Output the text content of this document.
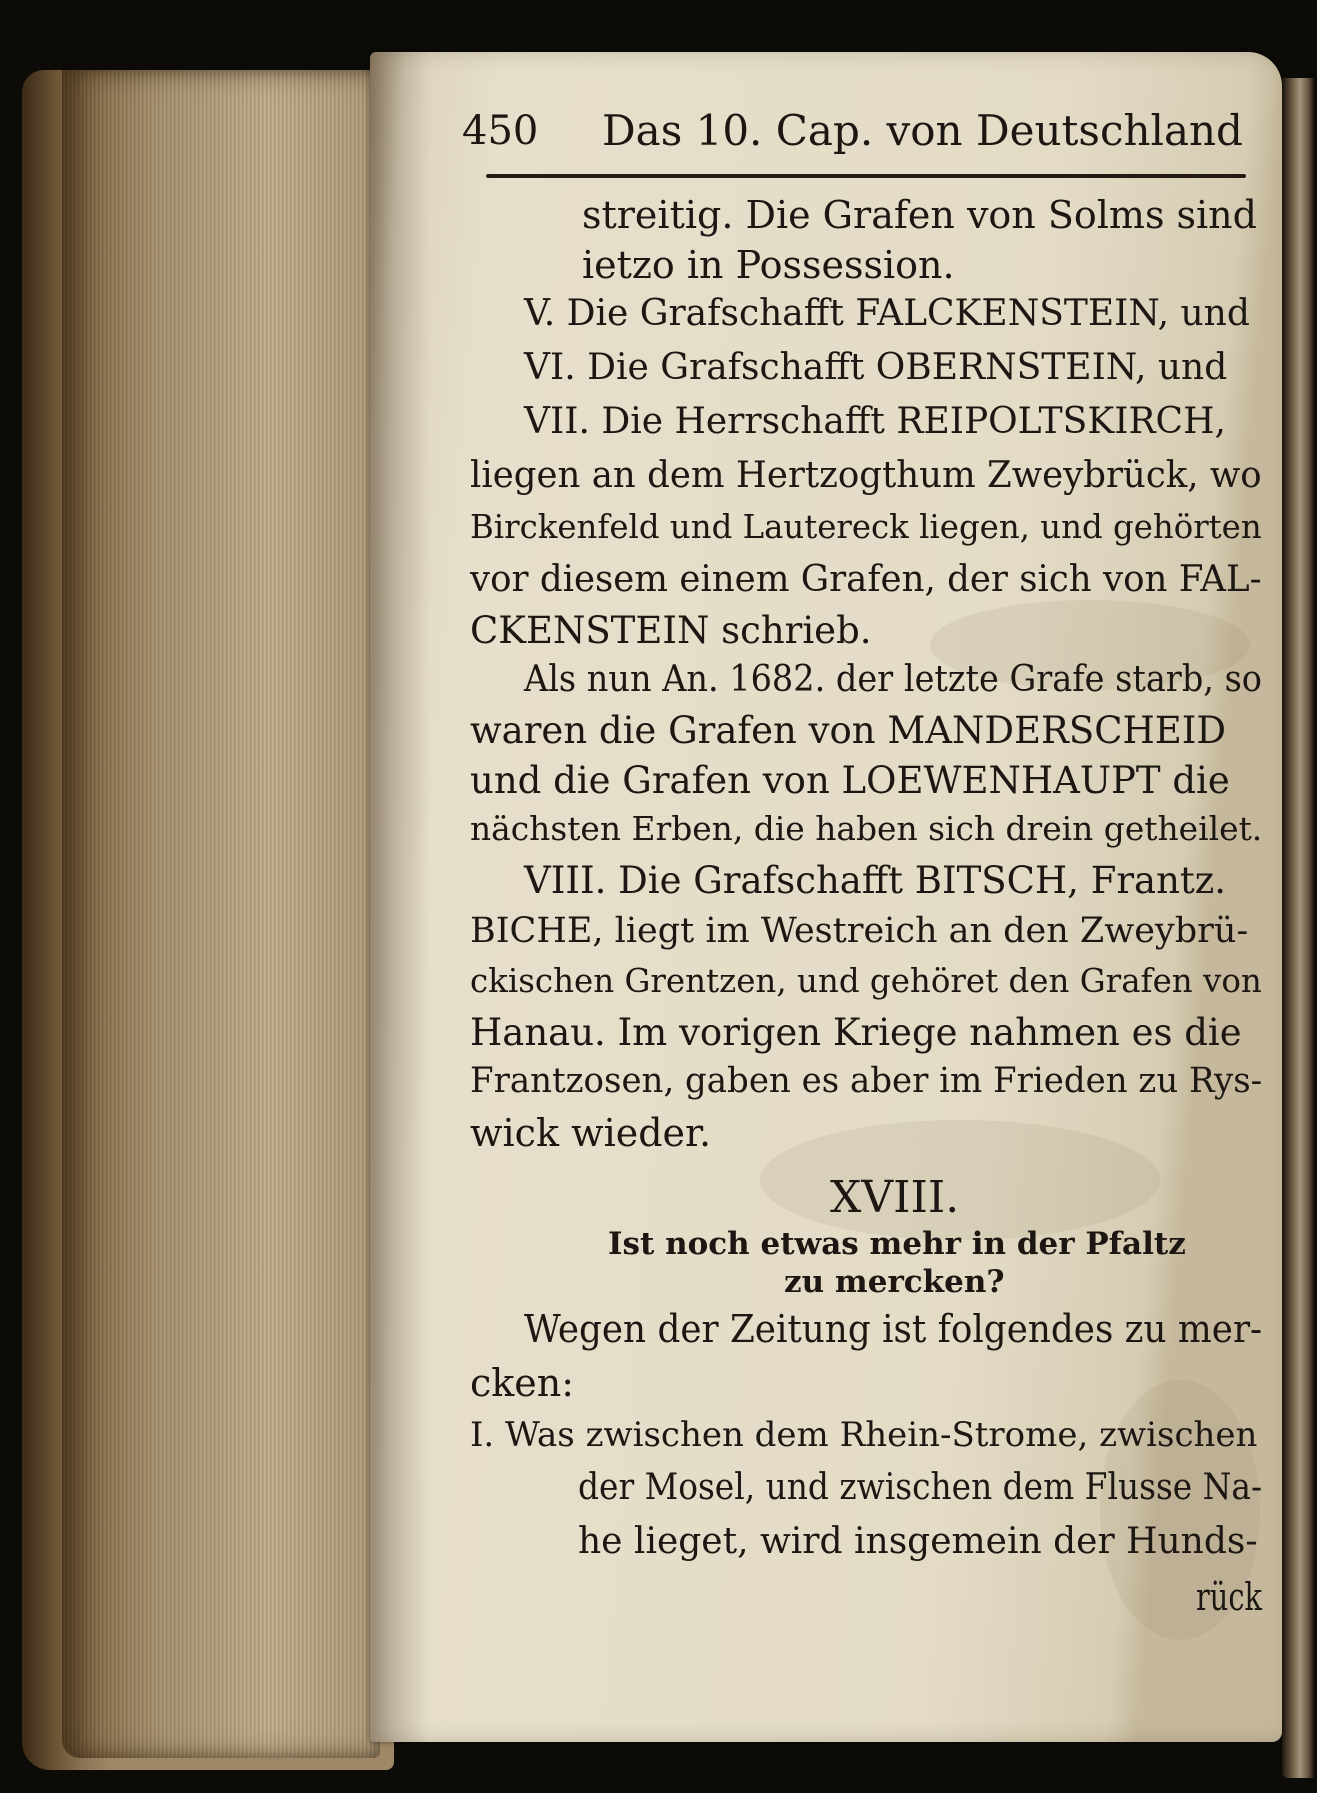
450 Das 10. Cap. von Deutschland
streitig. Die Grafen von Solms sind
ietzo in Possession.
V. Die Grafschafft FALCKENSTEIN, und
VI. Die Grafschafft OBERNSTEIN, und
VII. Die Herrschafft REIPOLTSKIRCH,
liegen an dem Hertzogthum Zweybrück, wo
Birckenfeld und Lautereck liegen, und gehörten
vor diesem einem Grafen, der sich von FAL-
CKENSTEIN schrieb.
Als nun An. 1682. der letzte Grafe starb, so
waren die Grafen von MANDERSCHEID
und die Grafen von LOEWENHAUPT die
nächsten Erben, die haben sich drein getheilet.
VIII. Die Grafschafft BITSCH, Frantz.
BICHE, liegt im Westreich an den Zweybrü-
ckischen Grentzen, und gehöret den Grafen von
Hanau. Im vorigen Kriege nahmen es die
Frantzosen, gaben es aber im Frieden zu Rys-
wick wieder.
XVIII.
Ist noch etwas mehr in der Pfaltz
zu mercken?
Wegen der Zeitung ist folgendes zu mer-
cken:
I. Was zwischen dem Rhein-Strome, zwischen
der Mosel, und zwischen dem Flusse Na-
he lieget, wird insgemein der Hunds-
rück
